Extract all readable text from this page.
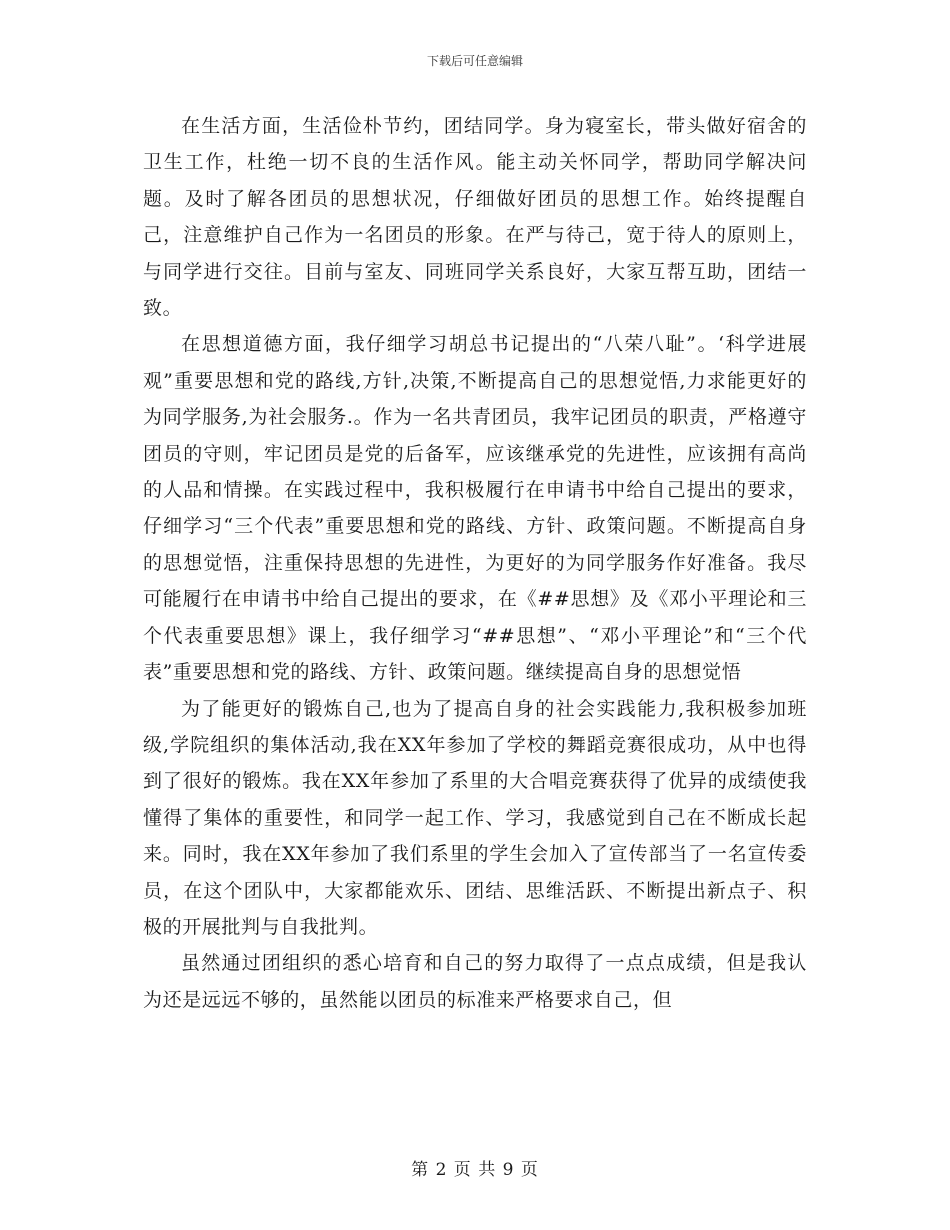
下载后可任意编辑

在生活方面，生活俭朴节约，团结同学。身为寝室长，带头做好宿舍的卫生工作，杜绝一切不良的生活作风。能主动关怀同学，帮助同学解决问题。及时了解各团员的思想状况，仔细做好团员的思想工作。始终提醒自己，注意维护自己作为一名团员的形象。在严与待己，宽于待人的原则上，与同学进行交往。目前与室友、同班同学关系良好，大家互帮互助，团结一致。

在思想道德方面，我仔细学习胡总书记提出的“八荣八耻”。‘科学进展观”重要思想和党的路线,方针,决策,不断提高自己的思想觉悟,力求能更好的为同学服务,为社会服务.。作为一名共青团员，我牢记团员的职责，严格遵守团员的守则，牢记团员是党的后备军，应该继承党的先进性，应该拥有高尚的人品和情操。在实践过程中，我积极履行在申请书中给自己提出的要求，仔细学习“三个代表”重要思想和党的路线、方针、政策问题。不断提高自身的思想觉悟，注重保持思想的先进性，为更好的为同学服务作好准备。我尽可能履行在申请书中给自己提出的要求，在《##思想》及《邓小平理论和三个代表重要思想》课上，我仔细学习“##思想”、“邓小平理论”和“三个代表”重要思想和党的路线、方针、政策问题。继续提高自身的思想觉悟

为了能更好的锻炼自己,也为了提高自身的社会实践能力,我积极参加班级,学院组织的集体活动,我在XX年参加了学校的舞蹈竞赛很成功，从中也得到了很好的锻炼。我在XX年参加了系里的大合唱竞赛获得了优异的成绩使我懂得了集体的重要性，和同学一起工作、学习，我感觉到自己在不断成长起来。同时，我在XX年参加了我们系里的学生会加入了宣传部当了一名宣传委员，在这个团队中，大家都能欢乐、团结、思维活跃、不断提出新点子、积极的开展批判与自我批判。

虽然通过团组织的悉心培育和自己的努力取得了一点点成绩，但是我认为还是远远不够的，虽然能以团员的标准来严格要求自己，但

第 2 页 共 9 页
